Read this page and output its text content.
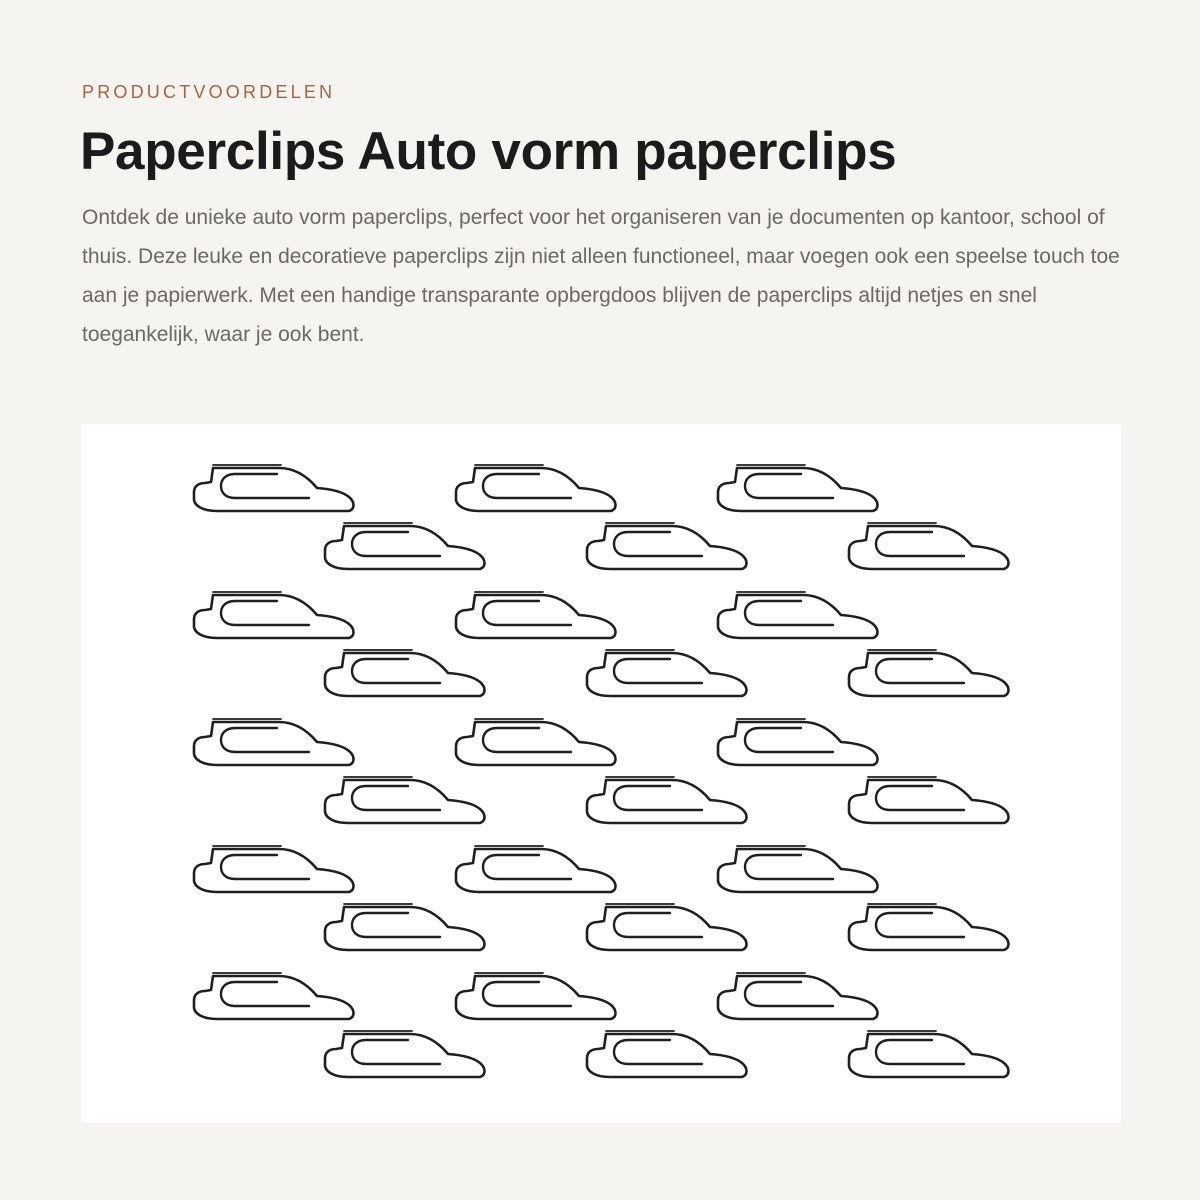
PRODUCTVOORDELEN

Paperclips Auto vorm paperclips

Ontdek de unieke auto vorm paperclips, perfect voor het organiseren van je documenten op kantoor, school of thuis. Deze leuke en decoratieve paperclips zijn niet alleen functioneel, maar voegen ook een speelse touch toe aan je papierwerk. Met een handige transparante opbergdoos blijven de paperclips altijd netjes en snel toegankelijk, waar je ook bent.
